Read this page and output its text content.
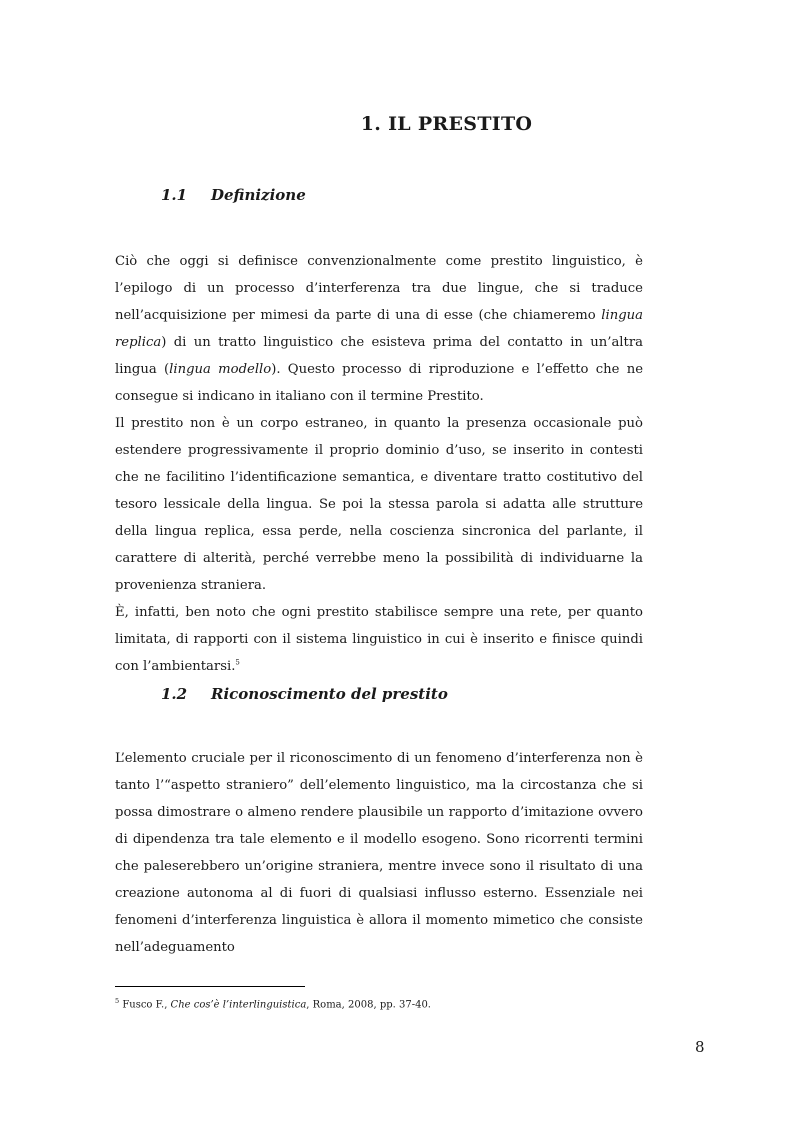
1. IL PRESTITO
1.1 Definizione

Ciò che oggi si definisce convenzionalmente come prestito linguistico, è l’epilogo di un processo d’interferenza tra due lingue, che si traduce nell’acquisizione per mimesi da parte di una di esse (che chiameremo lingua replica) di un tratto linguistico che esisteva prima del contatto in un’altra lingua (lingua modello). Questo processo di riproduzione e l’effetto che ne consegue si indicano in italiano con il termine Prestito.

Il prestito non è un corpo estraneo, in quanto la presenza occasionale può estendere progressivamente il proprio dominio d’uso, se inserito in contesti che ne facilitino l’identificazione semantica, e diventare tratto costitutivo del tesoro lessicale della lingua. Se poi la stessa parola si adatta alle strutture della lingua replica, essa perde, nella coscienza sincronica del parlante, il carattere di alterità, perché verrebbe meno la possibilità di individuarne la provenienza straniera.

È, infatti, ben noto che ogni prestito stabilisce sempre una rete, per quanto limitata, di rapporti con il sistema linguistico in cui è inserito e finisce quindi con l’ambientarsi.$^5$

1.2 Riconoscimento del prestito

L’elemento cruciale per il riconoscimento di un fenomeno d’interferenza non è tanto l’“aspetto straniero” dell’elemento linguistico, ma la circostanza che si possa dimostrare o almeno rendere plausibile un rapporto d’imitazione ovvero di dipendenza tra tale elemento e il modello esogeno. Sono ricorrenti termini che paleserebbero un’origine straniera, mentre invece sono il risultato di una creazione autonoma al di fuori di qualsiasi influsso esterno. Essenziale nei fenomeni d’interferenza linguistica è allora il momento mimetico che consiste nell’adeguamento

$^5$ Fusco F., Che cos’è l’interlinguistica, Roma, 2008, pp. 37-40.

8
